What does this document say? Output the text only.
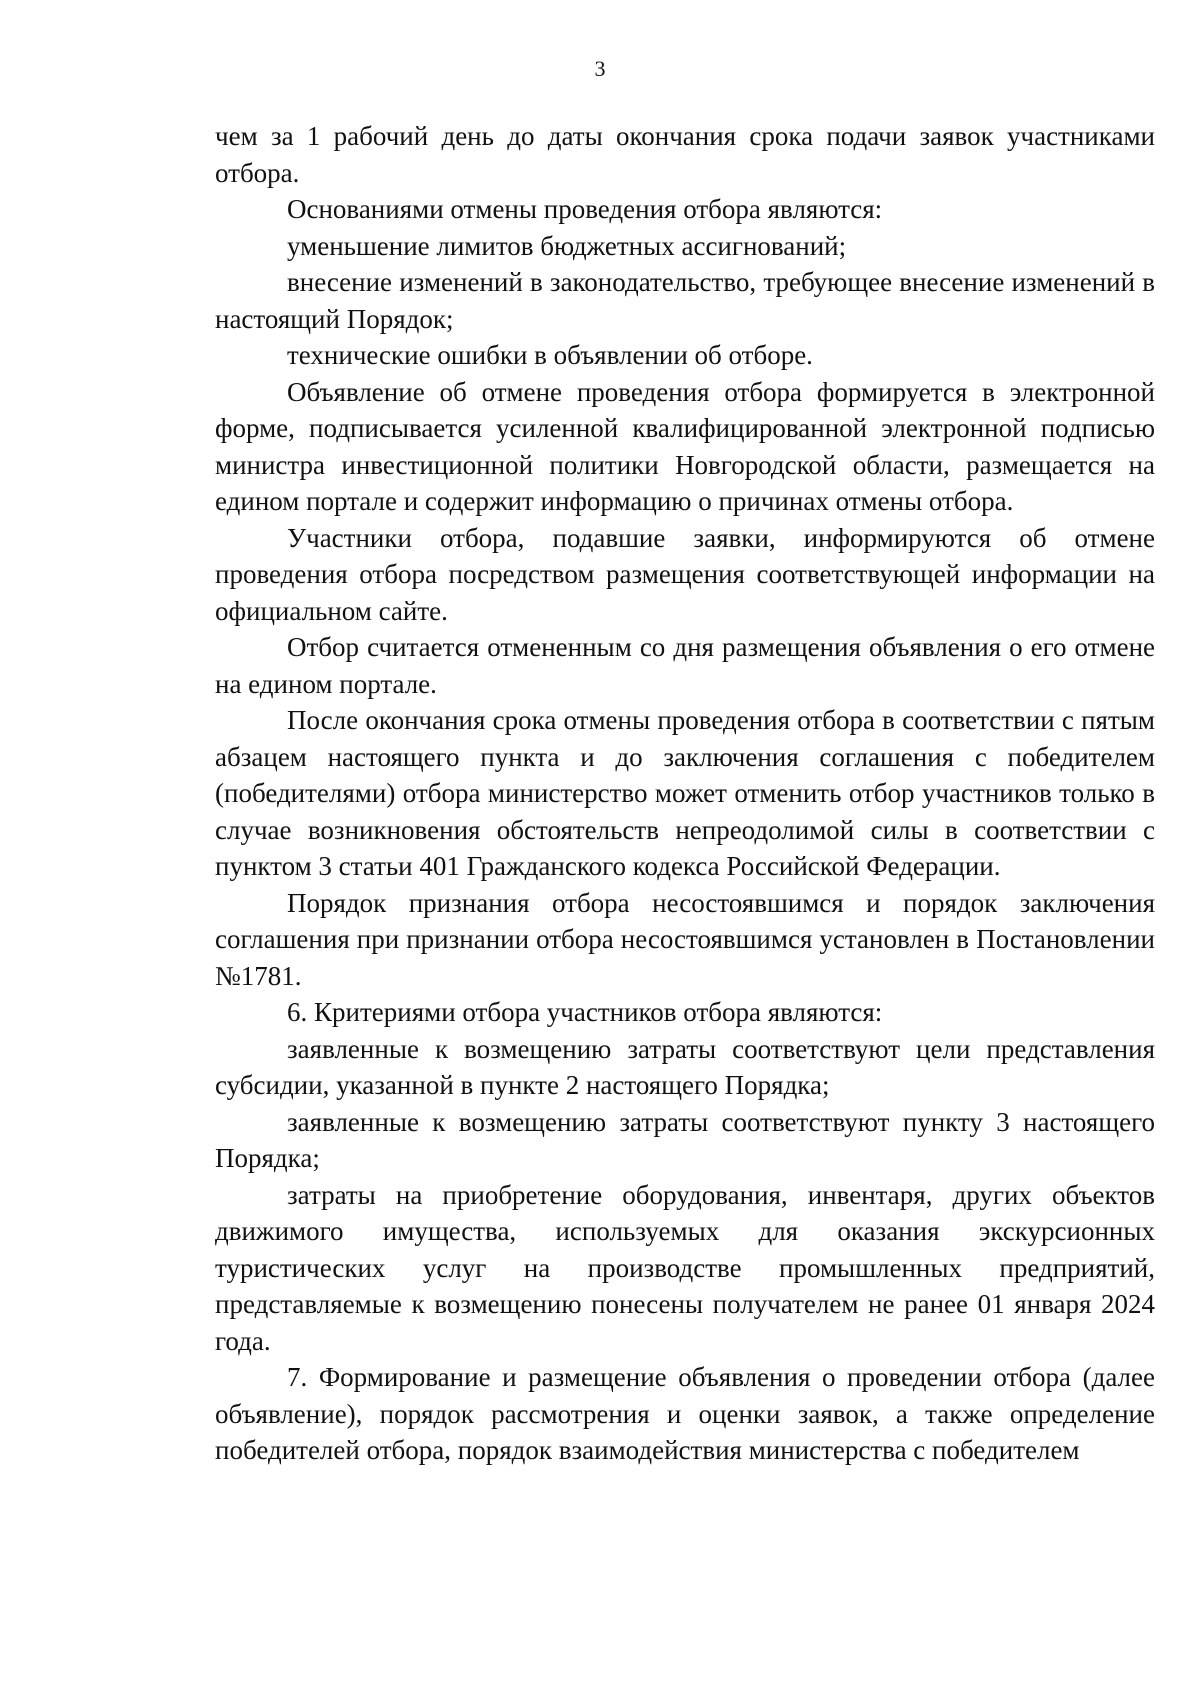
3

чем за 1 рабочий день до даты окончания срока подачи заявок участниками отбора.

Основаниями отмены проведения отбора являются:

уменьшение лимитов бюджетных ассигнований;

внесение изменений в законодательство, требующее внесение изменений в настоящий Порядок;

технические ошибки в объявлении об отборе.

Объявление об отмене проведения отбора формируется в электронной форме, подписывается усиленной квалифицированной электронной подписью министра инвестиционной политики Новгородской области, размещается на едином портале и содержит информацию о причинах отмены отбора.

Участники отбора, подавшие заявки, информируются об отмене проведения отбора посредством размещения соответствующей информации на официальном сайте.

Отбор считается отмененным со дня размещения объявления о его отмене на едином портале.

После окончания срока отмены проведения отбора в соответствии с пятым абзацем настоящего пункта и до заключения соглашения с победителем (победителями) отбора министерство может отменить отбор участников только в случае возникновения обстоятельств непреодолимой силы в соответствии с пунктом 3 статьи 401 Гражданского кодекса Российской Федерации.

Порядок признания отбора несостоявшимся и порядок заключения соглашения при признании отбора несостоявшимся установлен в Постановлении №1781.

6. Критериями отбора участников отбора являются:

заявленные к возмещению затраты соответствуют цели представления субсидии, указанной в пункте 2 настоящего Порядка;

заявленные к возмещению затраты соответствуют пункту 3 настоящего Порядка;

затраты на приобретение оборудования, инвентаря, других объектов движимого имущества, используемых для оказания экскурсионных туристических услуг на производстве промышленных предприятий, представляемые к возмещению понесены получателем не ранее 01 января 2024 года.

7. Формирование и размещение объявления о проведении отбора (далее объявление), порядок рассмотрения и оценки заявок, а также определение победителей отбора, порядок взаимодействия министерства с победителем
